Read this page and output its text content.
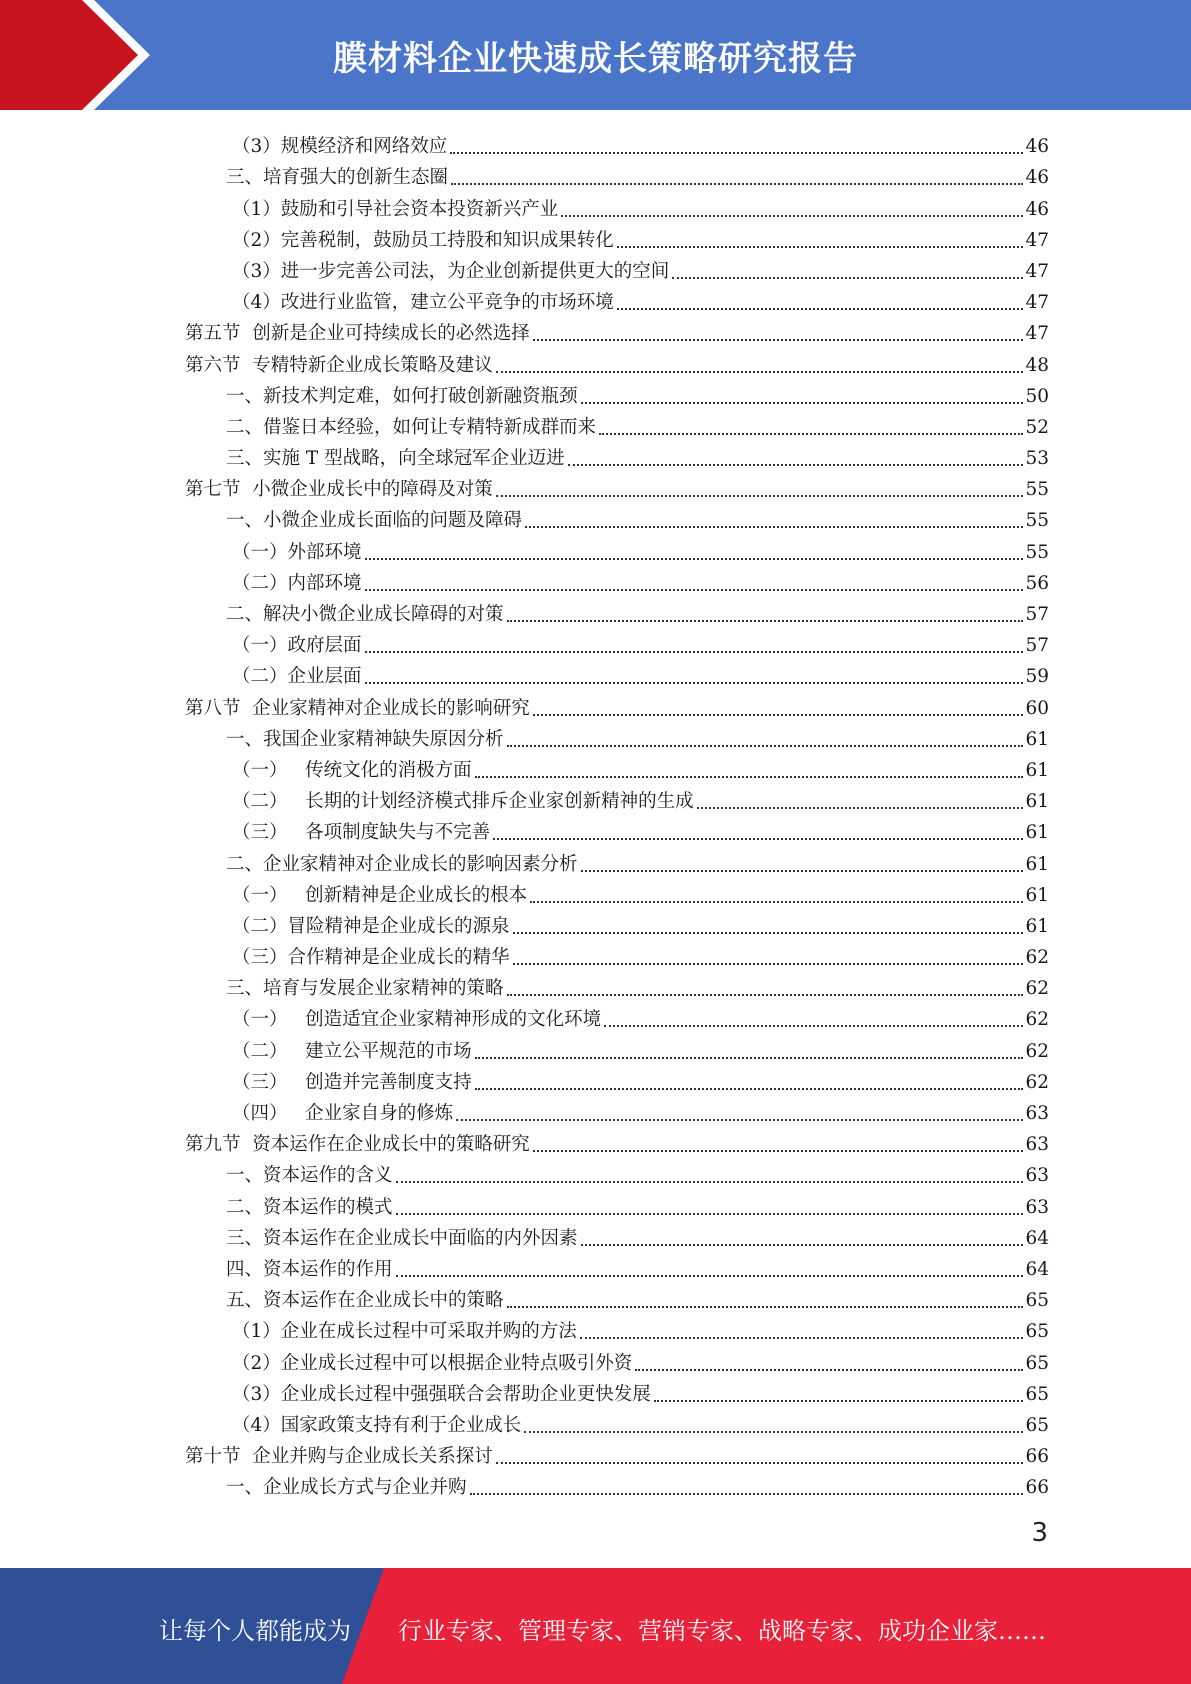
膜材料企业快速成长策略研究报告
（3）规模经济和网络效应	46
三、培育强大的创新生态圈	46
（1）鼓励和引导社会资本投资新兴产业	46
（2）完善税制，鼓励员工持股和知识成果转化	47
（3）进一步完善公司法，为企业创新提供更大的空间	47
（4）改进行业监管，建立公平竞争的市场环境	47
第五节  创新是企业可持续成长的必然选择	47
第六节  专精特新企业成长策略及建议	48
一、新技术判定难，如何打破创新融资瓶颈	50
二、借鉴日本经验，如何让专精特新成群而来	52
三、实施 T 型战略，向全球冠军企业迈进	53
第七节  小微企业成长中的障碍及对策	55
一、小微企业成长面临的问题及障碍	55
（一）外部环境	55
（二）内部环境	56
二、解决小微企业成长障碍的对策	57
（一）政府层面	57
（二）企业层面	59
第八节  企业家精神对企业成长的影响研究	60
一、我国企业家精神缺失原因分析	61
（一）   传统文化的消极方面	61
（二）   长期的计划经济模式排斥企业家创新精神的生成	61
（三）   各项制度缺失与不完善	61
二、企业家精神对企业成长的影响因素分析	61
（一）   创新精神是企业成长的根本	61
（二）冒险精神是企业成长的源泉	61
（三）合作精神是企业成长的精华	62
三、培育与发展企业家精神的策略	62
（一）   创造适宜企业家精神形成的文化环境	62
（二）   建立公平规范的市场	62
（三）   创造并完善制度支持	62
（四）   企业家自身的修炼	63
第九节  资本运作在企业成长中的策略研究	63
一、资本运作的含义	63
二、资本运作的模式	63
三、资本运作在企业成长中面临的内外因素	64
四、资本运作的作用	64
五、资本运作在企业成长中的策略	65
（1）企业在成长过程中可采取并购的方法	65
（2）企业成长过程中可以根据企业特点吸引外资	65
（3）企业成长过程中强强联合会帮助企业更快发展	65
（4）国家政策支持有利于企业成长	65
第十节  企业并购与企业成长关系探讨	66
一、企业成长方式与企业并购	66
3
让每个人都能成为	行业专家、管理专家、营销专家、战略专家、成功企业家……
